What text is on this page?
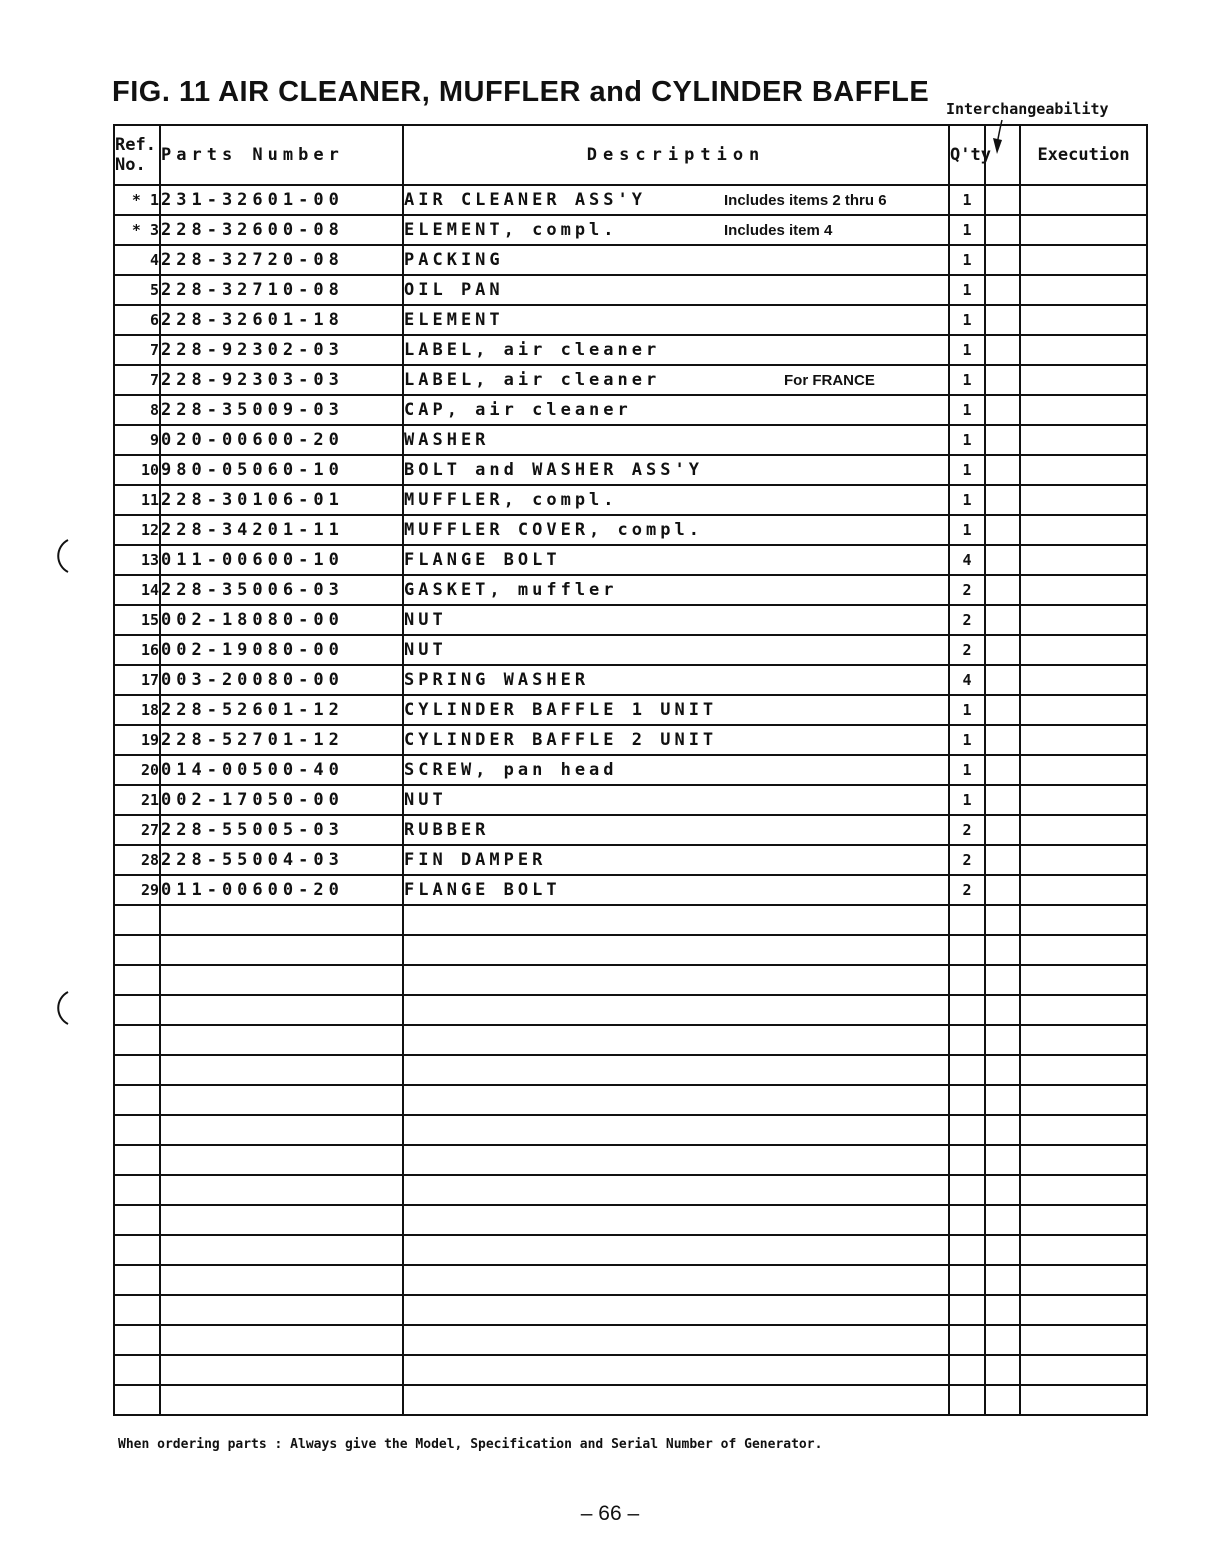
FIG. 11 AIR CLEANER, MUFFLER and CYLINDER BAFFLE
Interchangeability
Ref.
No.	Parts Number	Description	Q'ty		Execution
* 1	231-32601-00	AIR CLEANER ASS'Y Includes items 2 thru 6	1		
* 3	228-32600-08	ELEMENT, compl. Includes item 4	1		
4	228-32720-08	PACKING	1		
5	228-32710-08	OIL PAN	1		
6	228-32601-18	ELEMENT	1		
7	228-92302-03	LABEL, air cleaner	1		
7	228-92303-03	LABEL, air cleaner For FRANCE	1		
8	228-35009-03	CAP, air cleaner	1		
9	020-00600-20	WASHER	1		
10	980-05060-10	BOLT and WASHER ASS'Y	1		
11	228-30106-01	MUFFLER, compl.	1		
12	228-34201-11	MUFFLER COVER, compl.	1		
13	011-00600-10	FLANGE BOLT	4		
14	228-35006-03	GASKET, muffler	2		
15	002-18080-00	NUT	2		
16	002-19080-00	NUT	2		
17	003-20080-00	SPRING WASHER	4		
18	228-52601-12	CYLINDER BAFFLE 1 UNIT	1		
19	228-52701-12	CYLINDER BAFFLE 2 UNIT	1		
20	014-00500-40	SCREW, pan head	1		
21	002-17050-00	NUT	1		
27	228-55005-03	RUBBER	2		
28	228-55004-03	FIN DAMPER	2		
29	011-00600-20	FLANGE BOLT	2		

When ordering parts : Always give the Model, Specification and Serial Number of Generator.
– 66 –
